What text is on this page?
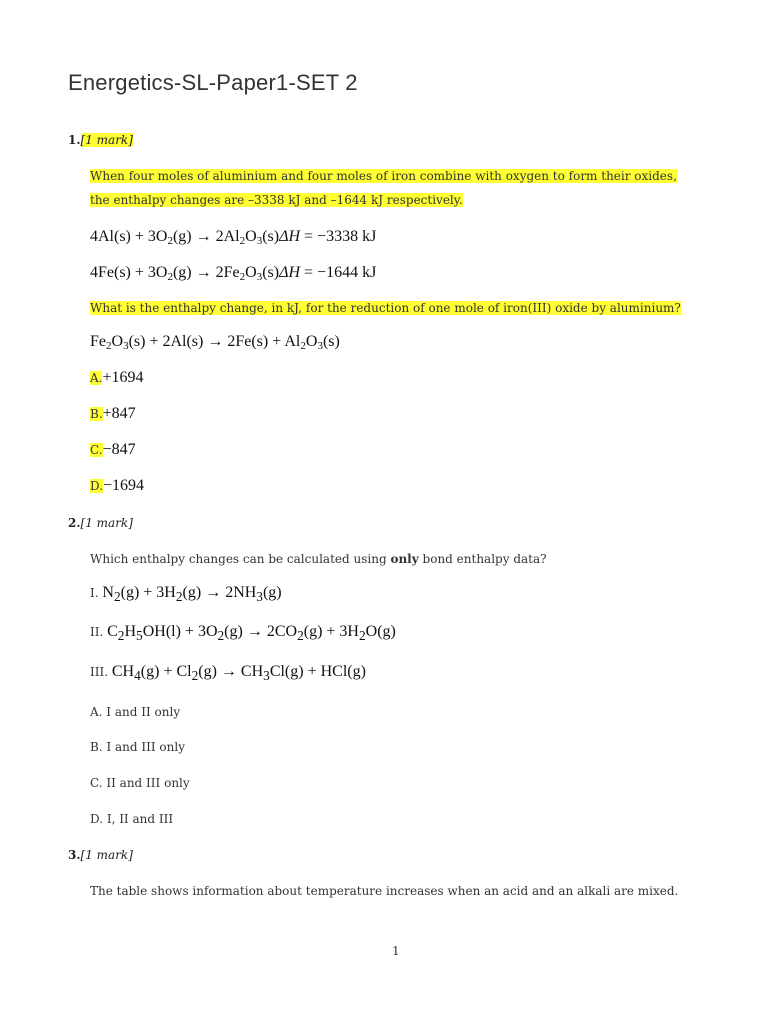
Energetics-SL-Paper1-SET 2
1.[1 mark]
When four moles of aluminium and four moles of iron combine with oxygen to form their oxides, the enthalpy changes are –3338 kJ and –1644 kJ respectively.
$4Al(s) + 3O_2(g) \to 2Al_2O_3(s)\Delta H = -3338$ kJ
$4Fe(s) + 3O_2(g) \to 2Fe_2O_3(s)\Delta H = -1644$ kJ
What is the enthalpy change, in kJ, for the reduction of one mole of iron(III) oxide by aluminium?
$Fe_2O_3(s) + 2Al(s) \to 2Fe(s) + Al_2O_3(s)$
A.+1694
B.+847
C.−847
D.−1694
2.[1 mark]
Which enthalpy changes can be calculated using only bond enthalpy data?
I. $N_2(g) + 3H_2(g) \to 2NH_3(g)$
II. $C_2H_5OH(l) + 3O_2(g) \to 2CO_2(g) + 3H_2O(g)$
III. $CH_4(g) + Cl_2(g) \to CH_3Cl(g) + HCl(g)$
A. I and II only
B. I and III only
C. II and III only
D. I, II and III
3.[1 mark]
The table shows information about temperature increases when an acid and an alkali are mixed.
1
